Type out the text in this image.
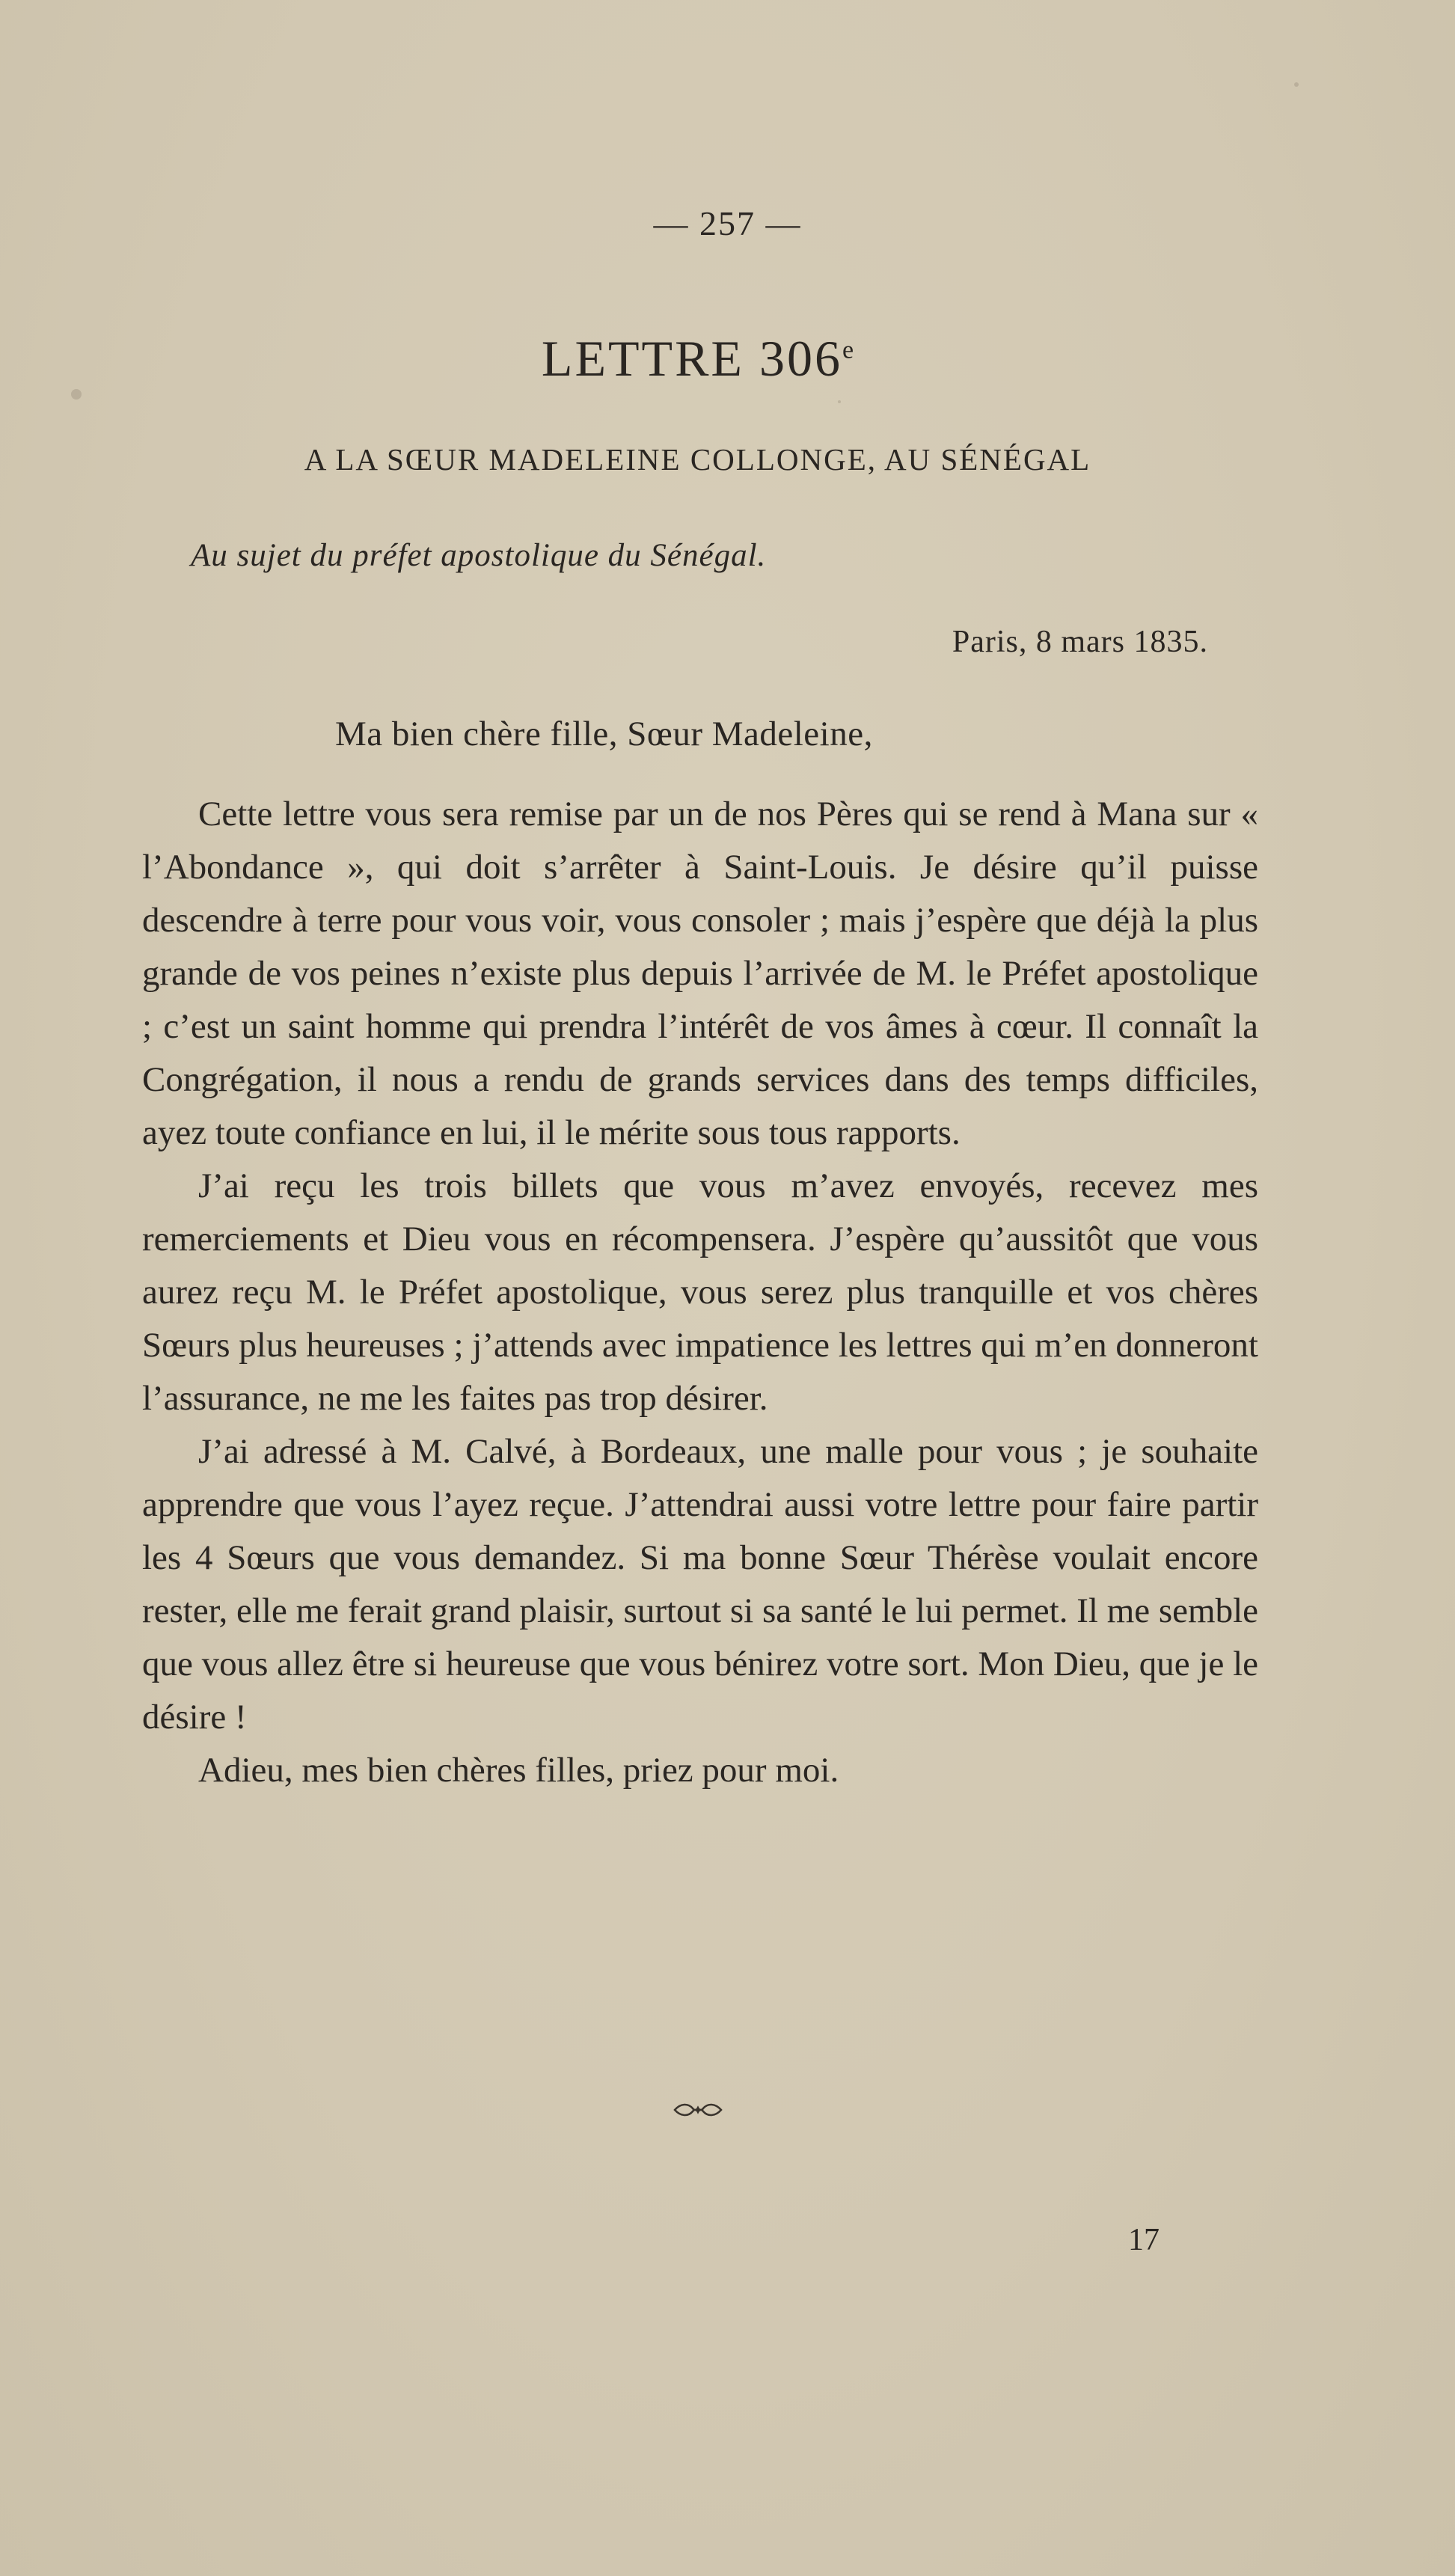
— 257 —
LETTRE 306e
A LA SŒUR MADELEINE COLLONGE, AU SÉNÉGAL
Au sujet du préfet apostolique du Sénégal.
Paris, 8 mars 1835.
Ma bien chère fille, Sœur Madeleine,

Cette lettre vous sera remise par un de nos Pères qui se rend à Mana sur « l’Abondance », qui doit s’arrêter à Saint-Louis. Je désire qu’il puisse descendre à terre pour vous voir, vous consoler ; mais j’espère que déjà la plus grande de vos peines n’existe plus depuis l’arrivée de M. le Préfet apostolique ; c’est un saint homme qui prendra l’intérêt de vos âmes à cœur. Il connaît la Congrégation, il nous a rendu de grands services dans des temps difficiles, ayez toute confiance en lui, il le mérite sous tous rapports.

J’ai reçu les trois billets que vous m’avez envoyés, recevez mes remerciements et Dieu vous en récompensera. J’espère qu’aussitôt que vous aurez reçu M. le Préfet apostolique, vous serez plus tranquille et vos chères Sœurs plus heureuses ; j’attends avec impatience les lettres qui m’en donneront l’assurance, ne me les faites pas trop désirer.

J’ai adressé à M. Calvé, à Bordeaux, une malle pour vous ; je souhaite apprendre que vous l’ayez reçue. J’attendrai aussi votre lettre pour faire partir les 4 Sœurs que vous demandez. Si ma bonne Sœur Thérèse voulait encore rester, elle me ferait grand plaisir, surtout si sa santé le lui permet. Il me semble que vous allez être si heureuse que vous bénirez votre sort. Mon Dieu, que je le désire !

Adieu, mes bien chères filles, priez pour moi.

17
